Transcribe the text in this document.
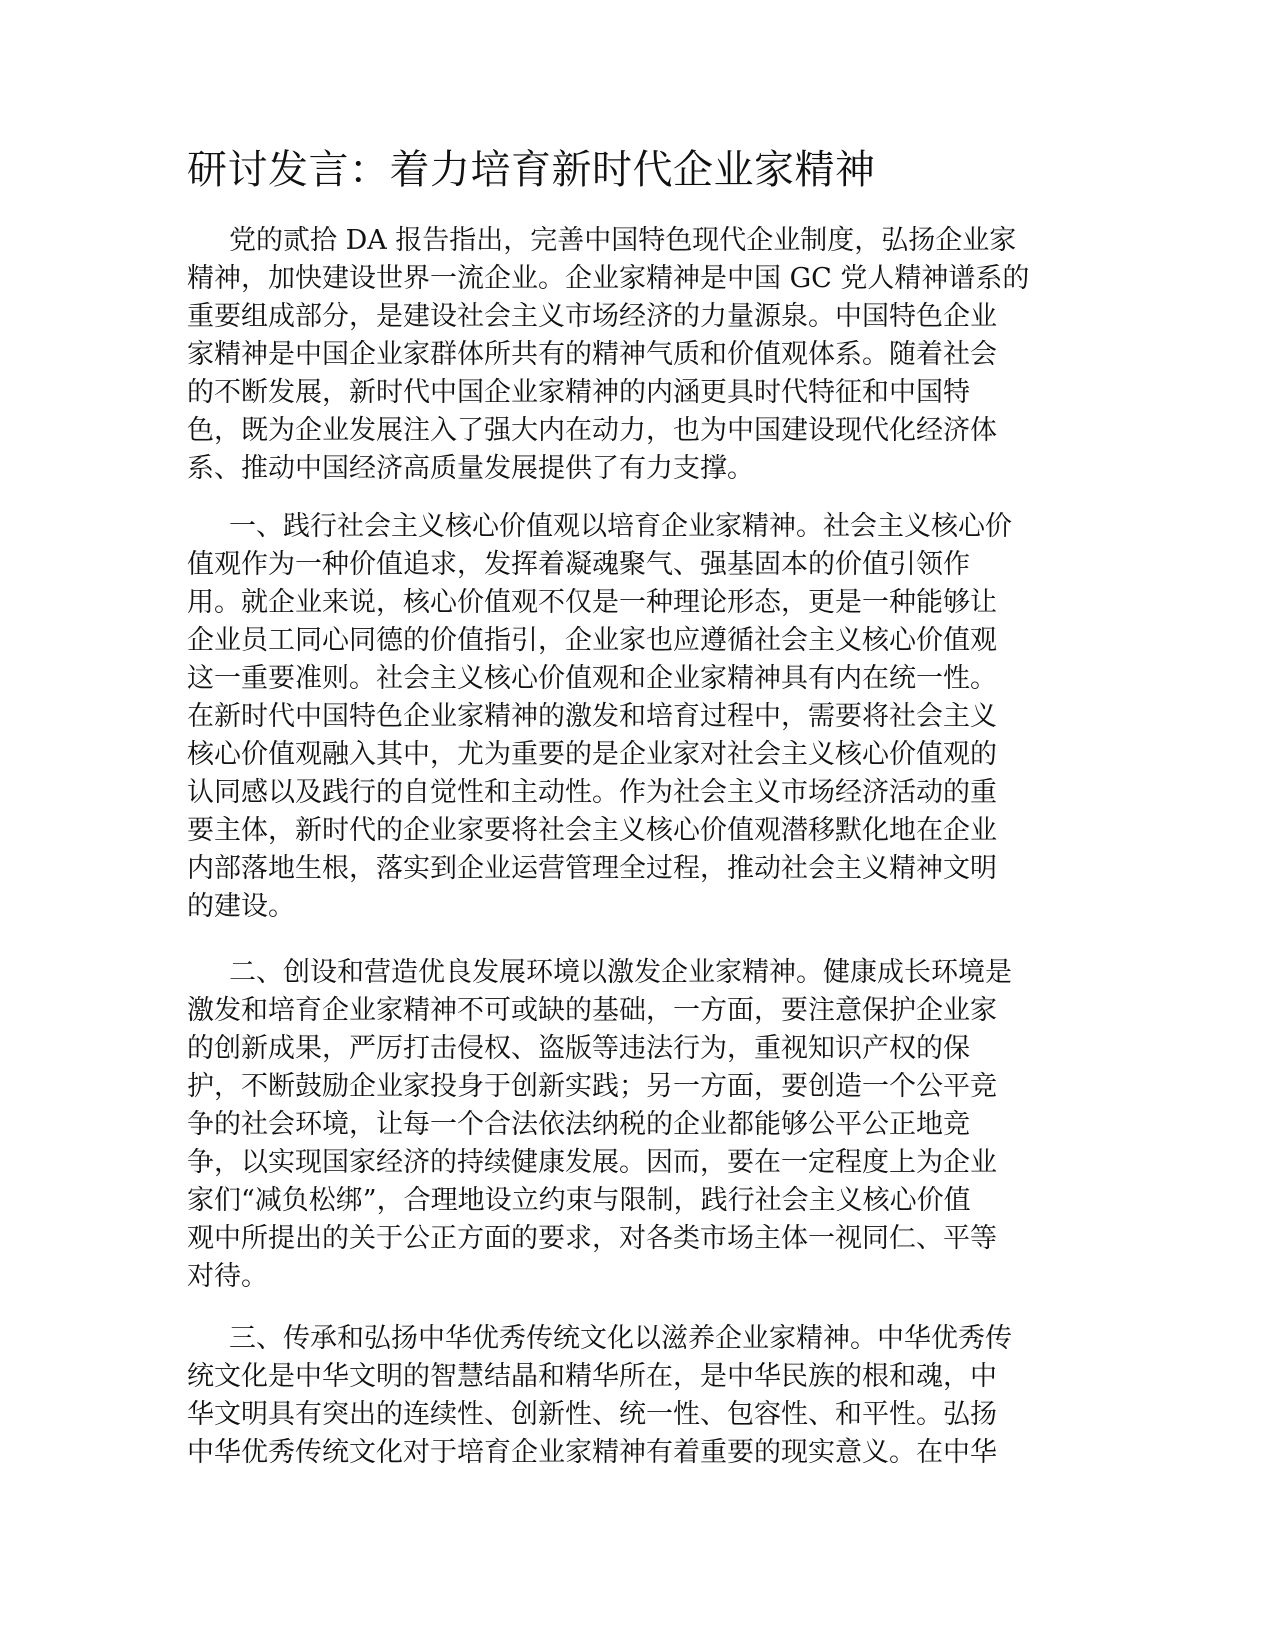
研讨发言：着力培育新时代企业家精神
党的贰拾 DA 报告指出，完善中国特色现代企业制度，弘扬企业家
精神，加快建设世界一流企业。企业家精神是中国 GC 党人精神谱系的
重要组成部分，是建设社会主义市场经济的力量源泉。中国特色企业
家精神是中国企业家群体所共有的精神气质和价值观体系。随着社会
的不断发展，新时代中国企业家精神的内涵更具时代特征和中国特
色，既为企业发展注入了强大内在动力，也为中国建设现代化经济体
系、推动中国经济高质量发展提供了有力支撑。
一、践行社会主义核心价值观以培育企业家精神。社会主义核心价
值观作为一种价值追求，发挥着凝魂聚气、强基固本的价值引领作
用。就企业来说，核心价值观不仅是一种理论形态，更是一种能够让
企业员工同心同德的价值指引，企业家也应遵循社会主义核心价值观
这一重要准则。社会主义核心价值观和企业家精神具有内在统一性。
在新时代中国特色企业家精神的激发和培育过程中，需要将社会主义
核心价值观融入其中，尤为重要的是企业家对社会主义核心价值观的
认同感以及践行的自觉性和主动性。作为社会主义市场经济活动的重
要主体，新时代的企业家要将社会主义核心价值观潜移默化地在企业
内部落地生根，落实到企业运营管理全过程，推动社会主义精神文明
的建设。
二、创设和营造优良发展环境以激发企业家精神。健康成长环境是
激发和培育企业家精神不可或缺的基础，一方面，要注意保护企业家
的创新成果，严厉打击侵权、盗版等违法行为，重视知识产权的保
护，不断鼓励企业家投身于创新实践；另一方面，要创造一个公平竞
争的社会环境，让每一个合法依法纳税的企业都能够公平公正地竞
争，以实现国家经济的持续健康发展。因而，要在一定程度上为企业
家们“减负松绑”，合理地设立约束与限制，践行社会主义核心价值
观中所提出的关于公正方面的要求，对各类市场主体一视同仁、平等
对待。
三、传承和弘扬中华优秀传统文化以滋养企业家精神。中华优秀传
统文化是中华文明的智慧结晶和精华所在，是中华民族的根和魂，中
华文明具有突出的连续性、创新性、统一性、包容性、和平性。弘扬
中华优秀传统文化对于培育企业家精神有着重要的现实意义。在中华
